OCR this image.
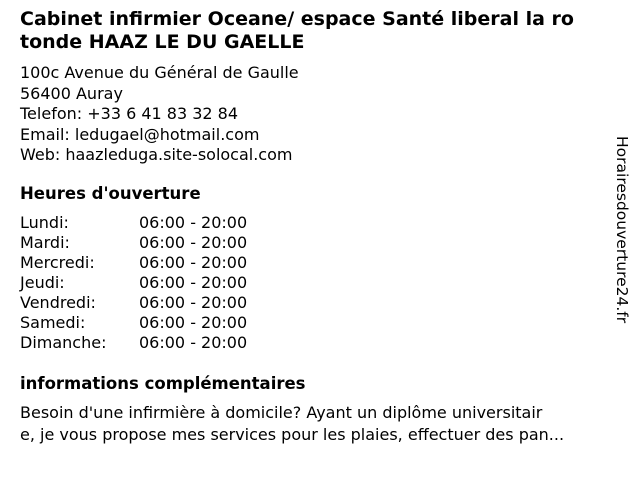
Cabinet infirmier Oceane/ espace Santé liberal la ro
tonde HAAZ LE DU GAELLE
100c Avenue du Général de Gaulle
56400 Auray
Telefon: +33 6 41 83 32 84
Email: ledugael@hotmail.com
Web: haazleduga.site-solocal.com
Heures d'ouverture
Lundi:	06:00 - 20:00
Mardi:	06:00 - 20:00
Mercredi:	06:00 - 20:00
Jeudi:	06:00 - 20:00
Vendredi:	06:00 - 20:00
Samedi:	06:00 - 20:00
Dimanche: 06:00 - 20:00
informations complémentaires

Besoin d'une infirmière à domicile? Ayant un diplôme universitair
e, je vous propose mes services pour les plaies, effectuer des pan...

Horairesdouverture24.fr
